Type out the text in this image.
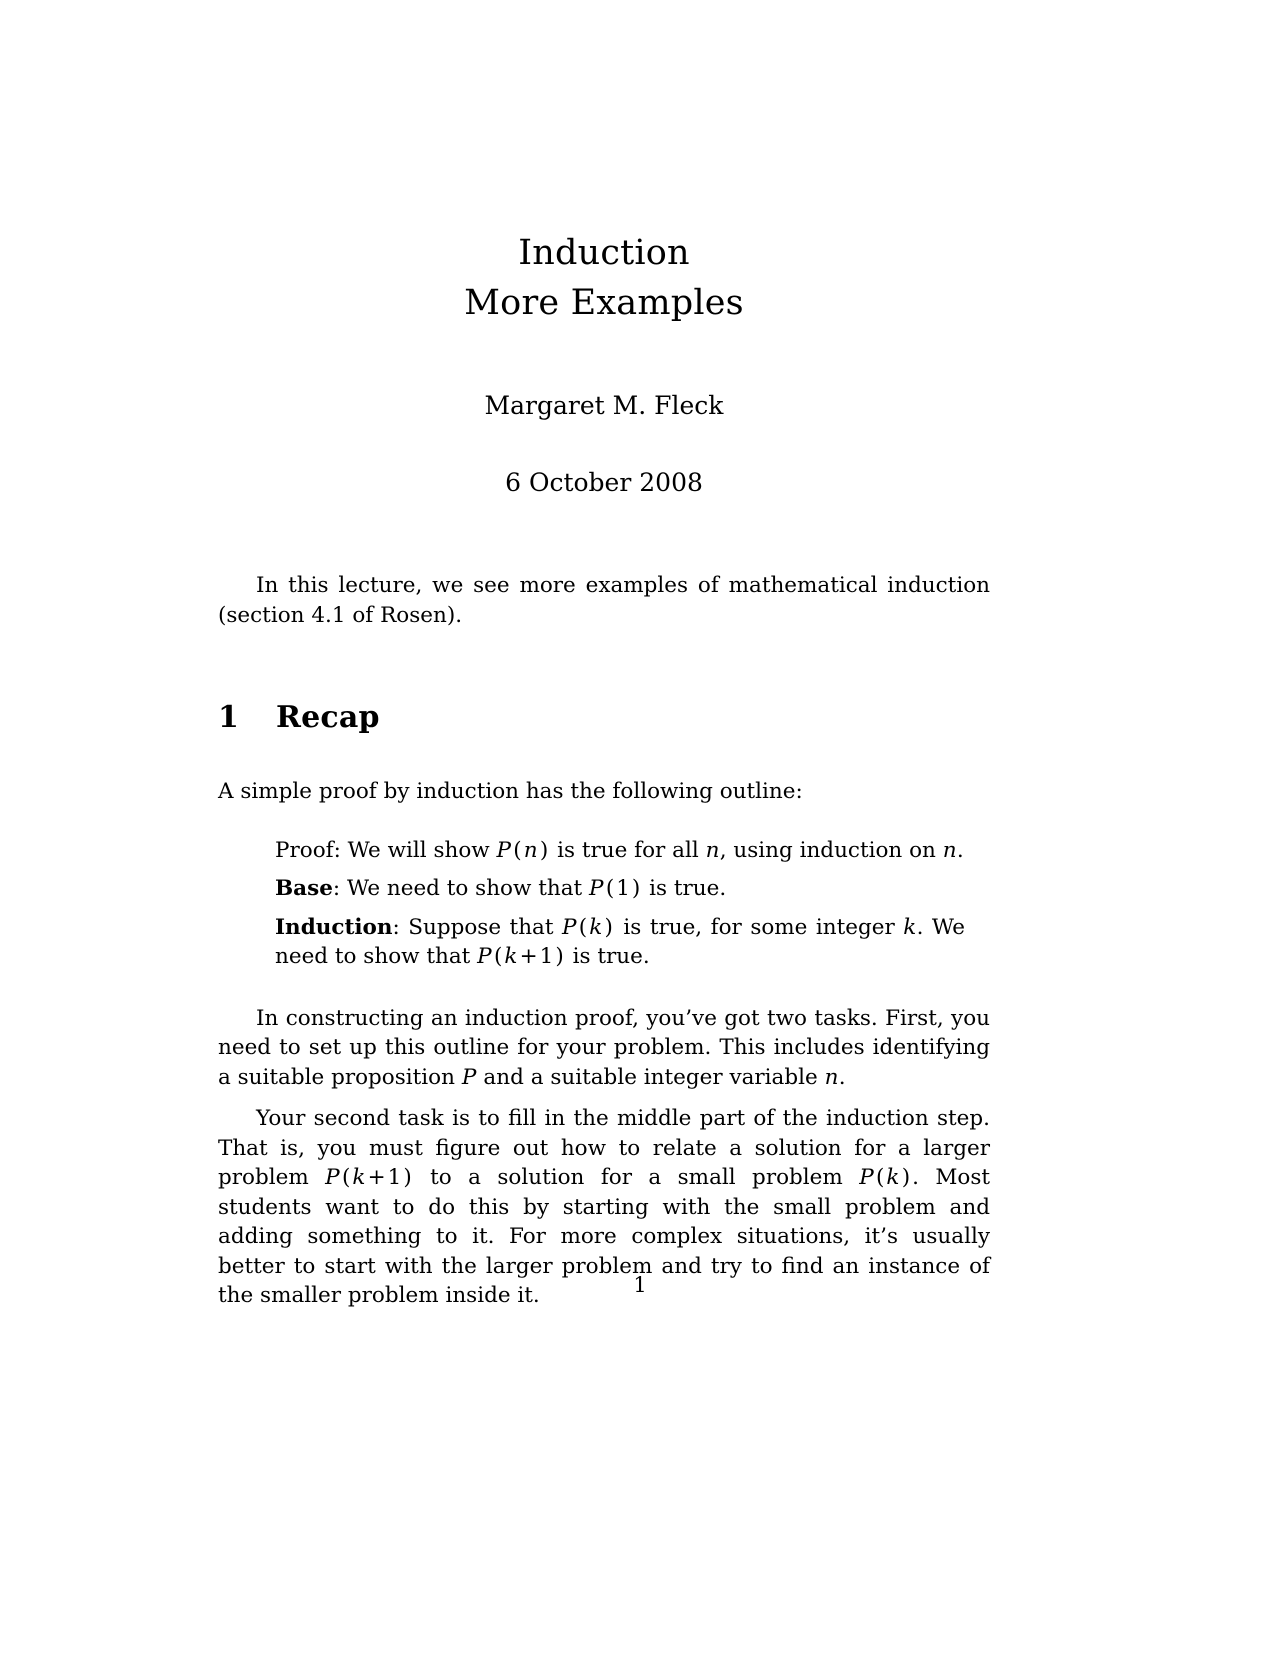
Induction
More Examples
Margaret M. Fleck
6 October 2008

In this lecture, we see more examples of mathematical induction (section 4.1 of Rosen).

1 Recap

A simple proof by induction has the following outline:

Proof: We will show P(n) is true for all n, using induction on n.

Base: We need to show that P(1) is true.

Induction: Suppose that P(k) is true, for some integer k. We need to show that P(k+1) is true.

In constructing an induction proof, you’ve got two tasks. First, you need to set up this outline for your problem. This includes identifying a suitable proposition P and a suitable integer variable n.

Your second task is to fill in the middle part of the induction step. That is, you must figure out how to relate a solution for a larger problem P(k+1) to a solution for a small problem P(k). Most students want to do this by starting with the small problem and adding something to it. For more complex situations, it’s usually better to start with the larger problem and try to find an instance of the smaller problem inside it.	1
